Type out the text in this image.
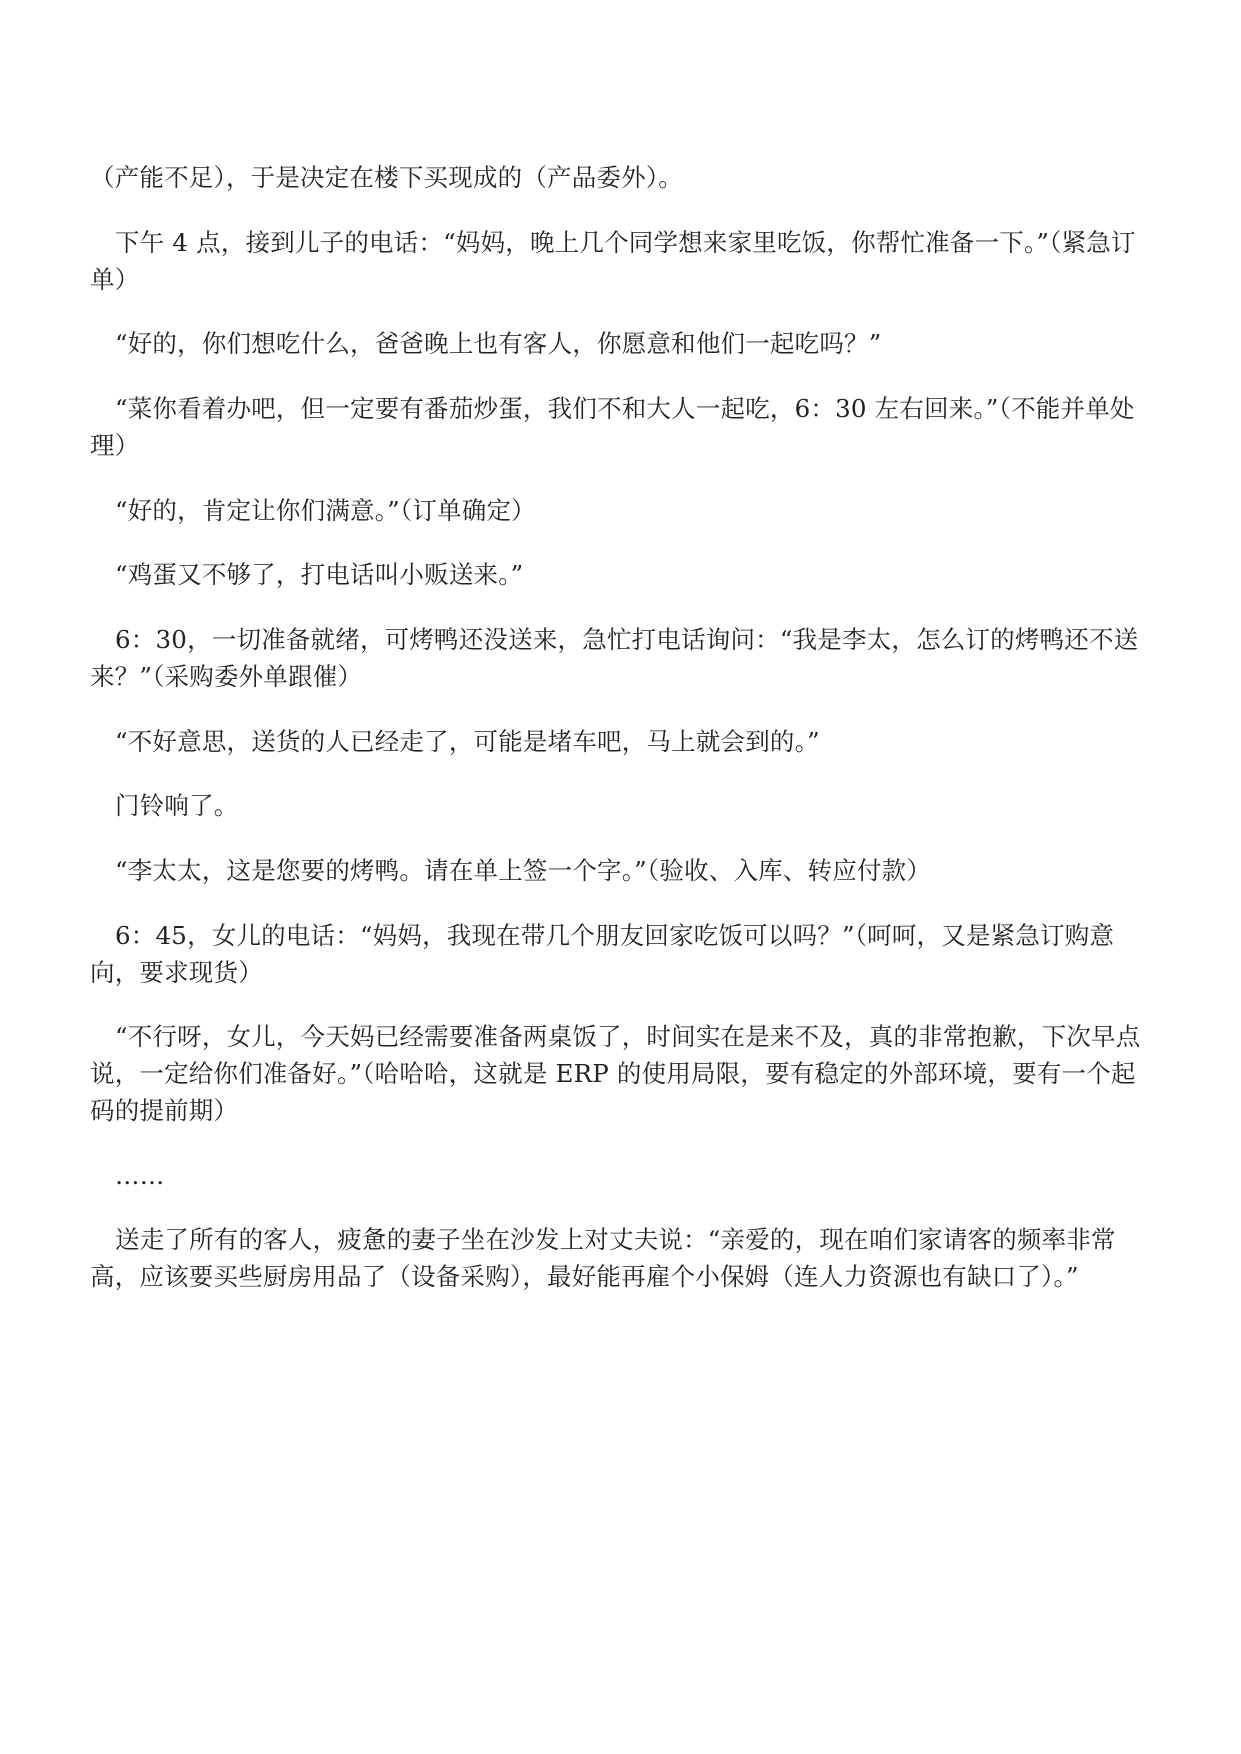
（产能不足），于是决定在楼下买现成的（产品委外）。

下午 4 点，接到儿子的电话：“妈妈，晚上几个同学想来家里吃饭，你帮忙准备一下。”（紧急订单）

“好的，你们想吃什么，爸爸晚上也有客人，你愿意和他们一起吃吗？”

“菜你看着办吧，但一定要有番茄炒蛋，我们不和大人一起吃，6：30 左右回来。”（不能并单处理）

“好的，肯定让你们满意。”（订单确定）

“鸡蛋又不够了，打电话叫小贩送来。”

6：30，一切准备就绪，可烤鸭还没送来，急忙打电话询问：“我是李太，怎么订的烤鸭还不送来？”（采购委外单跟催）

“不好意思，送货的人已经走了，可能是堵车吧，马上就会到的。”

门铃响了。

“李太太，这是您要的烤鸭。请在单上签一个字。”（验收、入库、转应付款）

6：45，女儿的电话：“妈妈，我现在带几个朋友回家吃饭可以吗？”（呵呵，又是紧急订购意向，要求现货）

“不行呀，女儿，今天妈已经需要准备两桌饭了，时间实在是来不及，真的非常抱歉，下次早点说，一定给你们准备好。”（哈哈哈，这就是 ERP 的使用局限，要有稳定的外部环境，要有一个起码的提前期）

……

送走了所有的客人，疲惫的妻子坐在沙发上对丈夫说：“亲爱的，现在咱们家请客的频率非常高，应该要买些厨房用品了（设备采购），最好能再雇个小保姆（连人力资源也有缺口了）。”
